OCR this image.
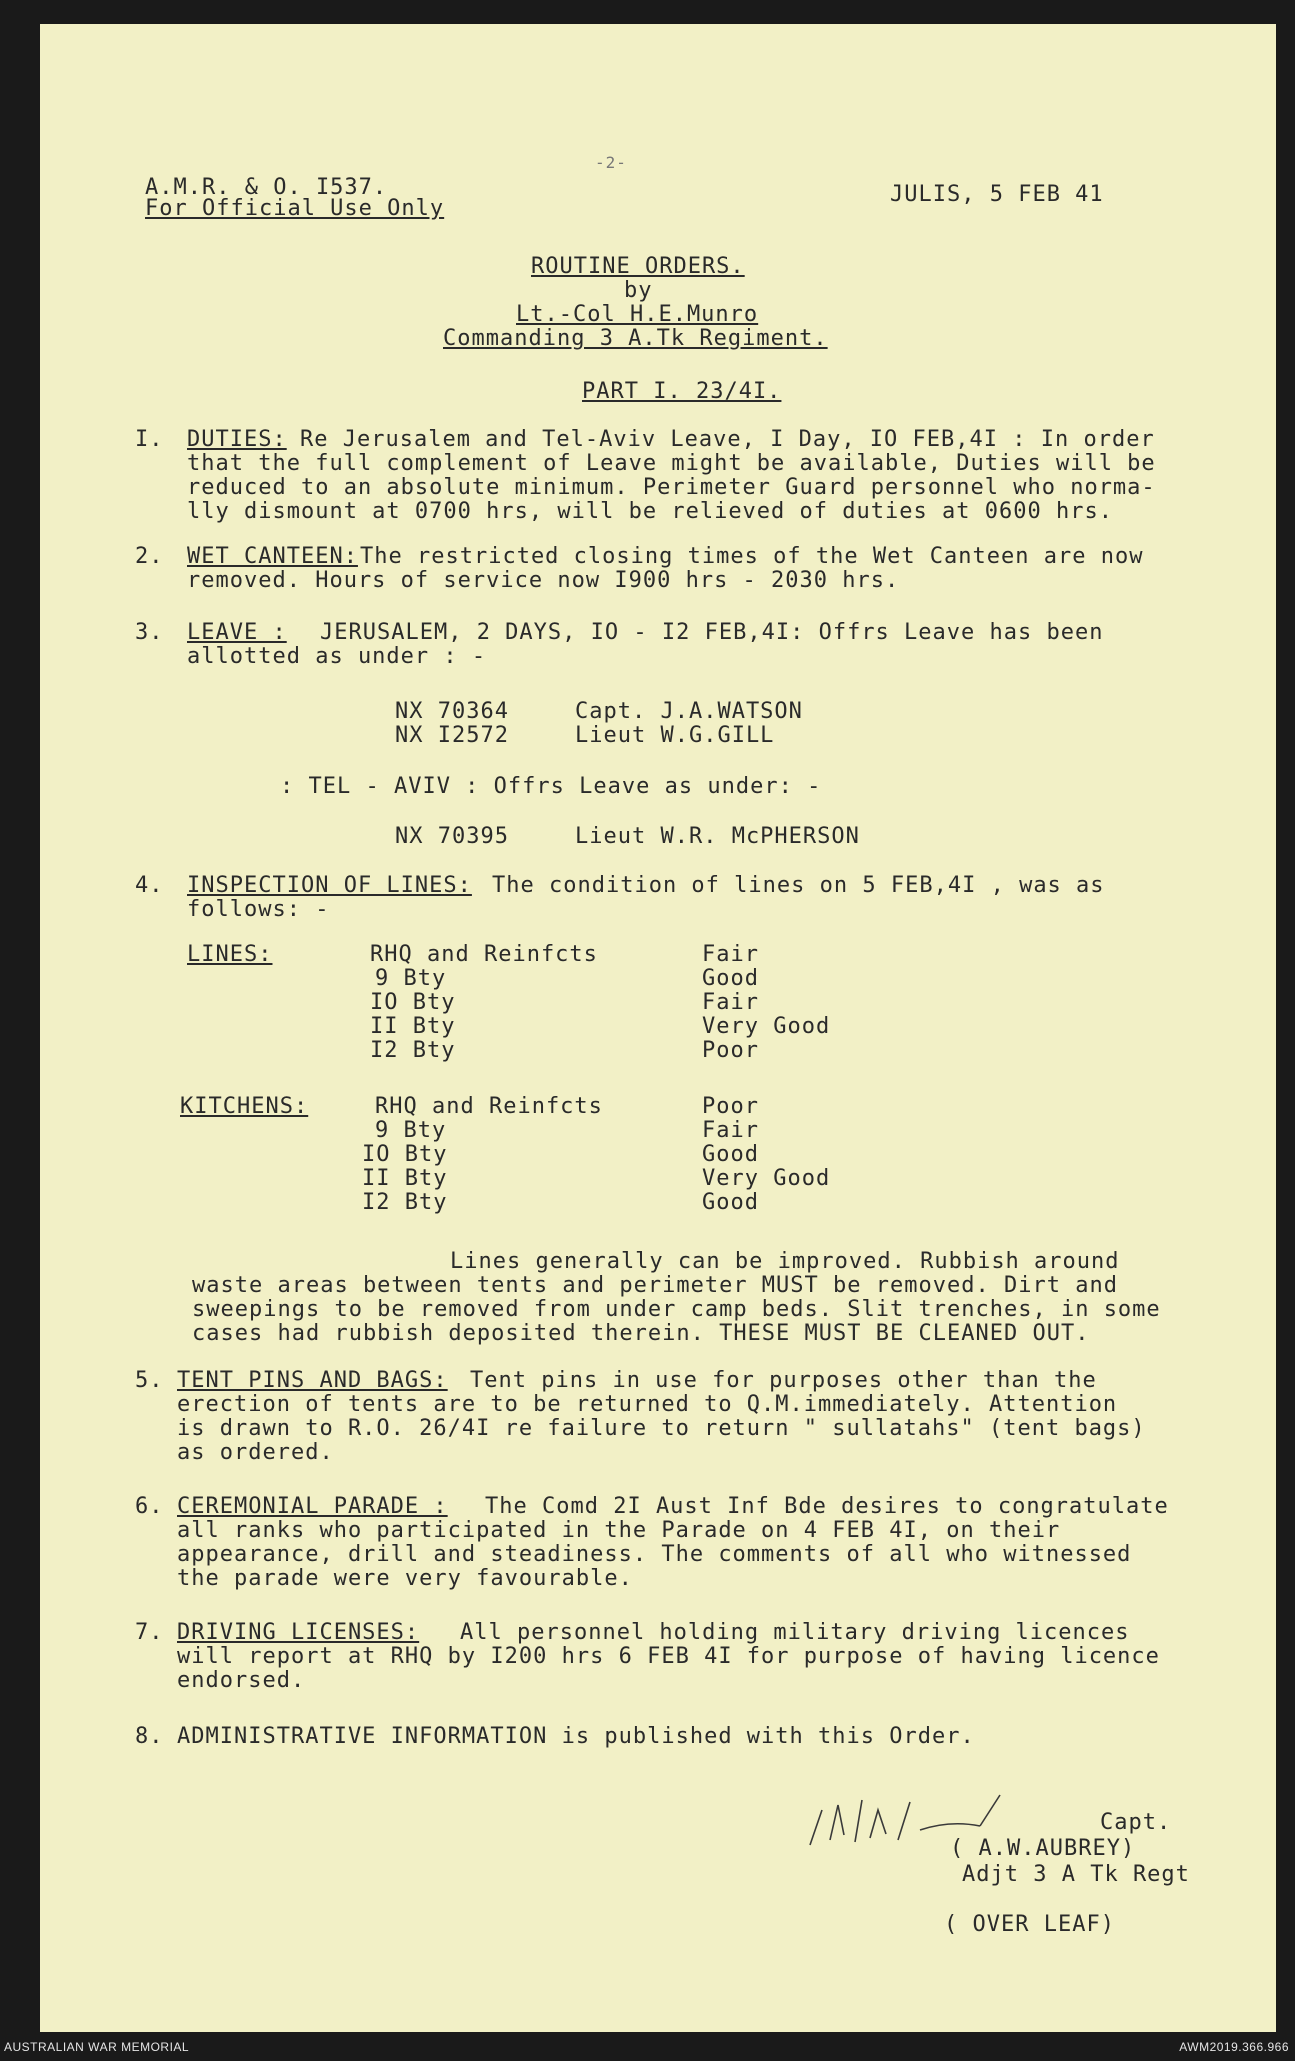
A.M.R. & O. I537.
For Official Use Only
JULIS, 5 FEB 41
-2-
ROUTINE ORDERS.
by
Lt.-Col H.E.Munro
Commanding 3 A.Tk Regiment.
PART I. 23/4I.
I. DUTIES: Re Jerusalem and Tel-Aviv Leave, I Day, IO FEB,4I : In order
that the full complement of Leave might be available, Duties will be
reduced to an absolute minimum. Perimeter Guard personnel who norma-
lly dismount at 0700 hrs, will be relieved of duties at 0600 hrs.
2. WET CANTEEN: The restricted closing times of the Wet Canteen are now
removed. Hours of service now I900 hrs - 2030 hrs.
3. LEAVE : JERUSALEM, 2 DAYS, IO - I2 FEB,4I: Offrs Leave has been
allotted as under : -
NX 70364	Capt. J.A.WATSON
NX I2572	Lieut W.G.GILL
: TEL - AVIV : Offrs Leave as under: -
NX 70395	Lieut W.R. McPHERSON
4. INSPECTION OF LINES: The condition of lines on 5 FEB,4I , was as
follows: -
LINES:	RHQ and Reinfcts	Fair
9 Bty	Good
IO Bty	Fair
II Bty	Very Good
I2 Bty	Poor
KITCHENS:	RHQ and Reinfcts	Poor
9 Bty	Fair
IO Bty	Good
II Bty	Very Good
I2 Bty	Good
Lines generally can be improved. Rubbish around
waste areas between tents and perimeter MUST be removed. Dirt and
sweepings to be removed from under camp beds. Slit trenches, in some
cases had rubbish deposited therein. THESE MUST BE CLEANED OUT.
5. TENT PINS AND BAGS: Tent pins in use for purposes other than the
erection of tents are to be returned to Q.M.immediately. Attention
is drawn to R.O. 26/4I re failure to return " sullatahs" (tent bags)
as ordered.
6. CEREMONIAL PARADE : The Comd 2I Aust Inf Bde desires to congratulate
all ranks who participated in the Parade on 4 FEB 4I, on their
appearance, drill and steadiness. The comments of all who witnessed
the parade were very favourable.
7. DRIVING LICENSES: All personnel holding military driving licences
will report at RHQ by I200 hrs 6 FEB 4I for purpose of having licence
endorsed.
8. ADMINISTRATIVE INFORMATION is published with this Order.
Capt.
( A.W.AUBREY)
Adjt 3 A Tk Regt
( OVER LEAF)
AUSTRALIAN WAR MEMORIAL	AWM2019.366.966
